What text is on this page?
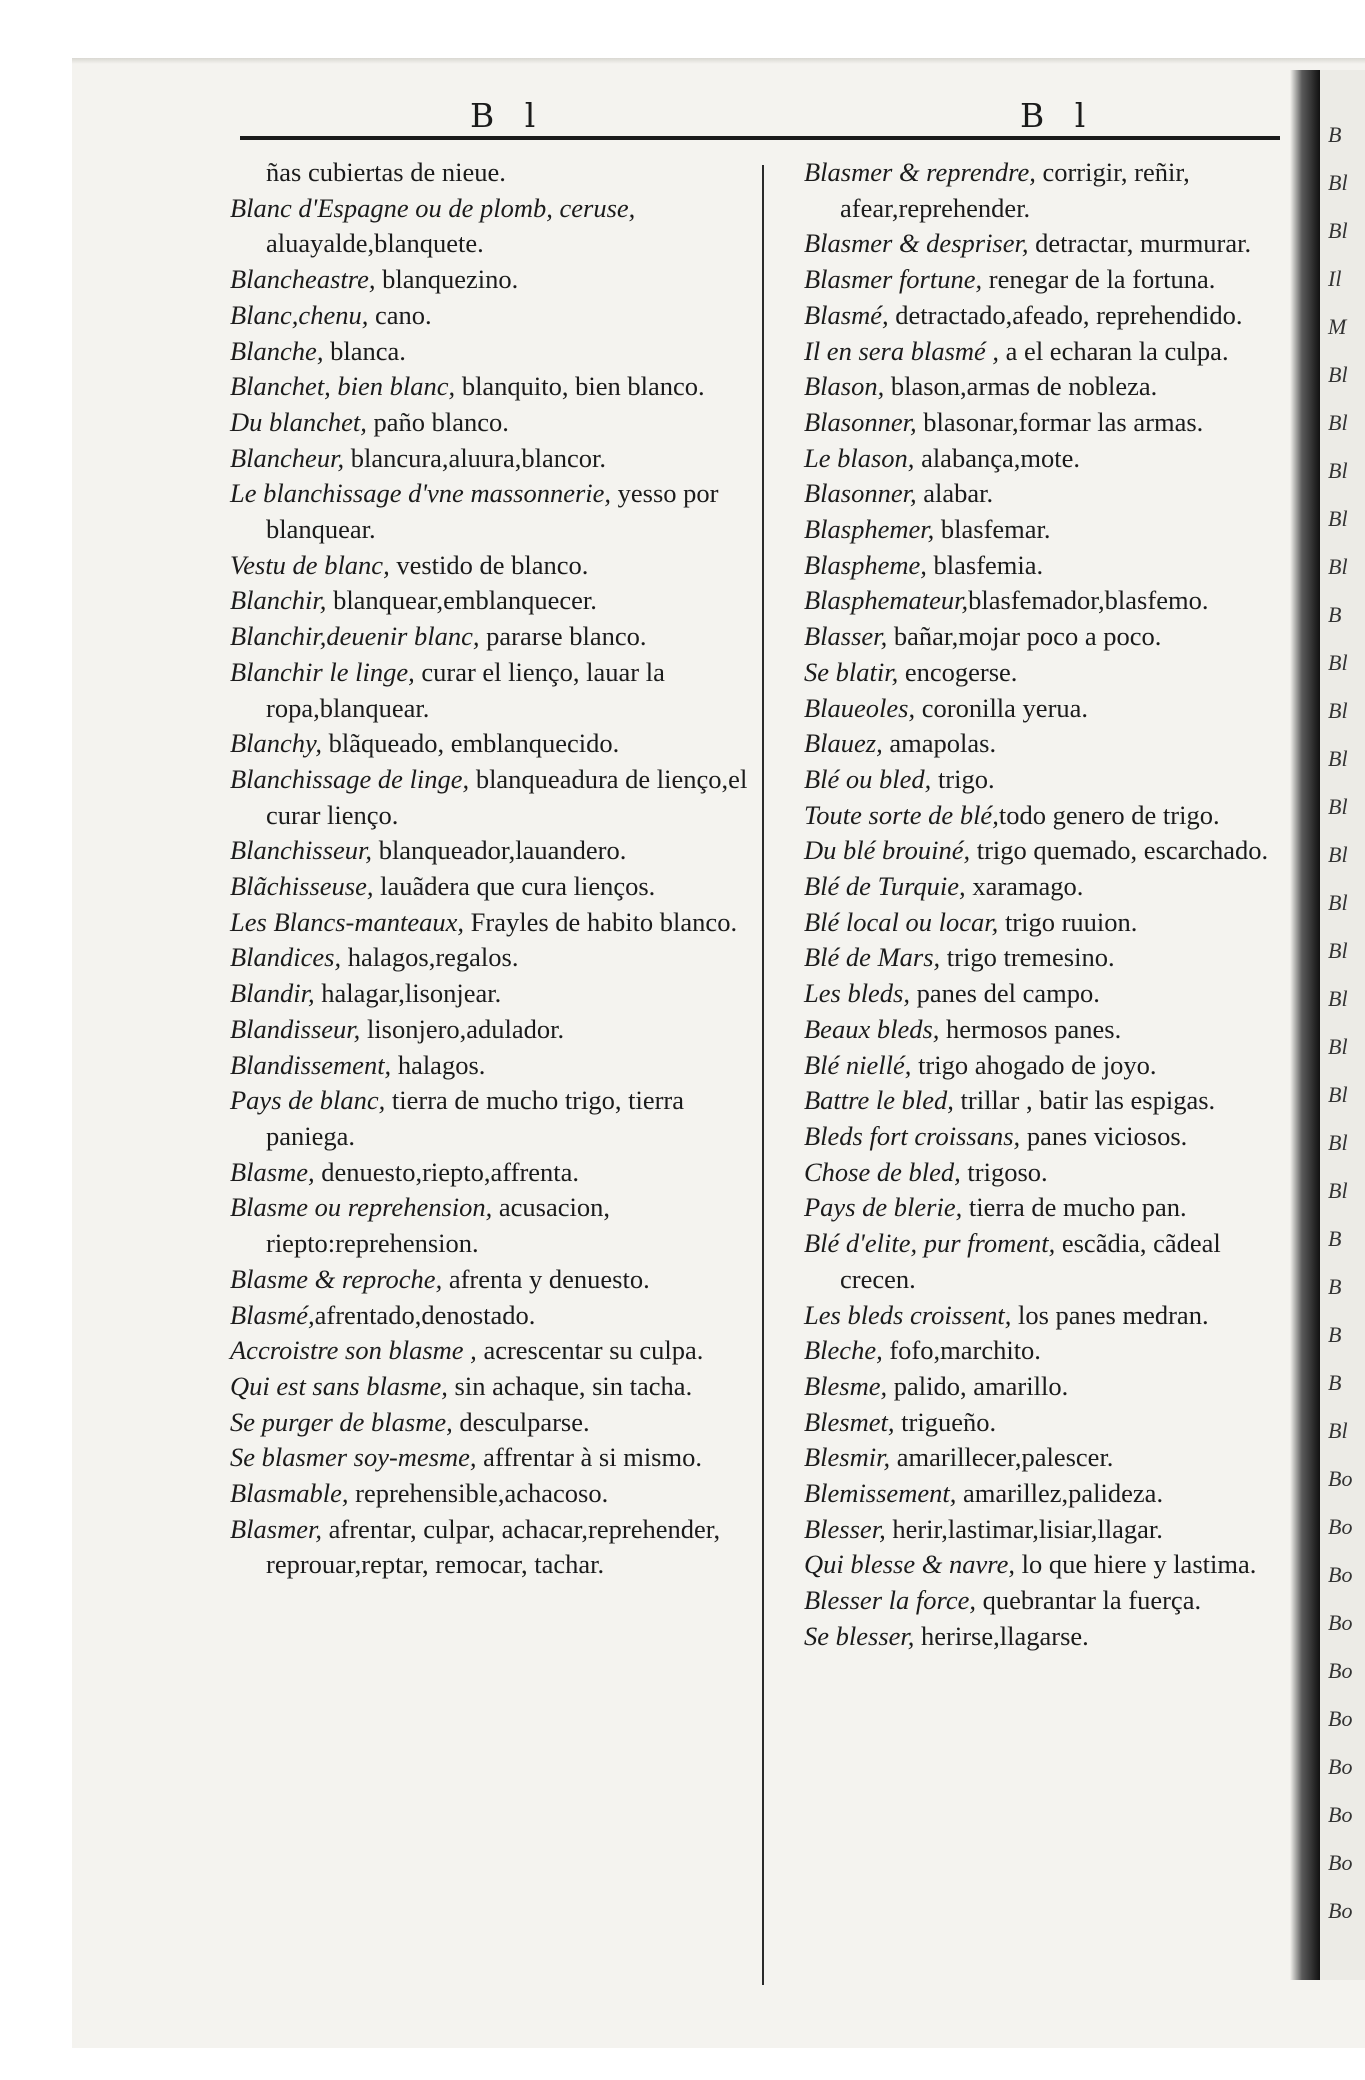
B l	B l

ñas cubiertas de nieue.

Blanc d'Espagne ou de plomb, ceruse, aluayalde,blanquete.

Blancheastre, blanquezino.

Blanc,chenu, cano.

Blanche, blanca.

Blanchet, bien blanc, blanquito, bien blanco.

Du blanchet, paño blanco.

Blancheur, blancura,aluura,blancor.

Le blanchissage d'vne massonnerie, yesso por blanquear.

Vestu de blanc, vestido de blanco.

Blanchir, blanquear,emblanquecer.

Blanchir,deuenir blanc, pararse blanco.

Blanchir le linge, curar el lienço, lauar la ropa,blanquear.

Blanchy, blãqueado, emblanquecido.

Blanchissage de linge, blanqueadura de lienço,el curar lienço.

Blanchisseur, blanqueador,lauandero.

Blãchisseuse, lauãdera que cura lienços.

Les Blancs-manteaux, Frayles de habito blanco.

Blandices, halagos,regalos.

Blandir, halagar,lisonjear.

Blandisseur, lisonjero,adulador.

Blandissement, halagos.

Pays de blanc, tierra de mucho trigo, tierra paniega.

Blasme, denuesto,riepto,affrenta.

Blasme ou reprehension, acusacion, riepto:reprehension.

Blasme & reproche, afrenta y denuesto.

Blasmé,afrentado,denostado.

Accroistre son blasme , acrescentar su culpa.

Qui est sans blasme, sin achaque, sin tacha.

Se purger de blasme, desculparse.

Se blasmer soy-mesme, affrentar à si mismo.

Blasmable, reprehensible,achacoso.

Blasmer, afrentar, culpar, achacar,reprehender, reprouar,reptar, remocar, tachar.

Blasmer & reprendre, corrigir, reñir, afear,reprehender.

Blasmer & despriser, detractar, murmurar.

Blasmer fortune, renegar de la fortuna.

Blasmé, detractado,afeado, reprehendido.

Il en sera blasmé , a el echaran la culpa.

Blason, blason,armas de nobleza.

Blasonner, blasonar,formar las armas.

Le blason, alabança,mote.

Blasonner, alabar.

Blasphemer, blasfemar.

Blaspheme, blasfemia.

Blasphemateur,blasfemador,blasfemo.

Blasser, bañar,mojar poco a poco.

Se blatir, encogerse.

Blaueoles, coronilla yerua.

Blauez, amapolas.

Blé ou bled, trigo.

Toute sorte de blé,todo genero de trigo.

Du blé brouiné, trigo quemado, escarchado.

Blé de Turquie, xaramago.

Blé local ou locar, trigo ruuion.

Blé de Mars, trigo tremesino.

Les bleds, panes del campo.

Beaux bleds, hermosos panes.

Blé niellé, trigo ahogado de joyo.

Battre le bled, trillar , batir las espigas.

Bleds fort croissans, panes viciosos.

Chose de bled, trigoso.

Pays de blerie, tierra de mucho pan.

Blé d'elite, pur froment, escãdia, cãdeal crecen.

Les bleds croissent, los panes medran.

Bleche, fofo,marchito.

Blesme, palido, amarillo.

Blesmet, trigueño.

Blesmir, amarillecer,palescer.

Blemissement, amarillez,palideza.

Blesser, herir,lastimar,lisiar,llagar.

Qui blesse & navre, lo que hiere y lastima.

Blesser la force, quebrantar la fuerça.

Se blesser, herirse,llagarse.

B
Bl
Bl
Il
M
Bl
Bl
Bl
Bl
Bl
B
Bl
Bl
Bl
Bl
Bl
Bl
Bl
Bl
Bl
Bl
Bl
Bl
B
B
B
B
Bl
Bo
Bo
Bo
Bo
Bo
Bo
Bo
Bo
Bo
Bo
